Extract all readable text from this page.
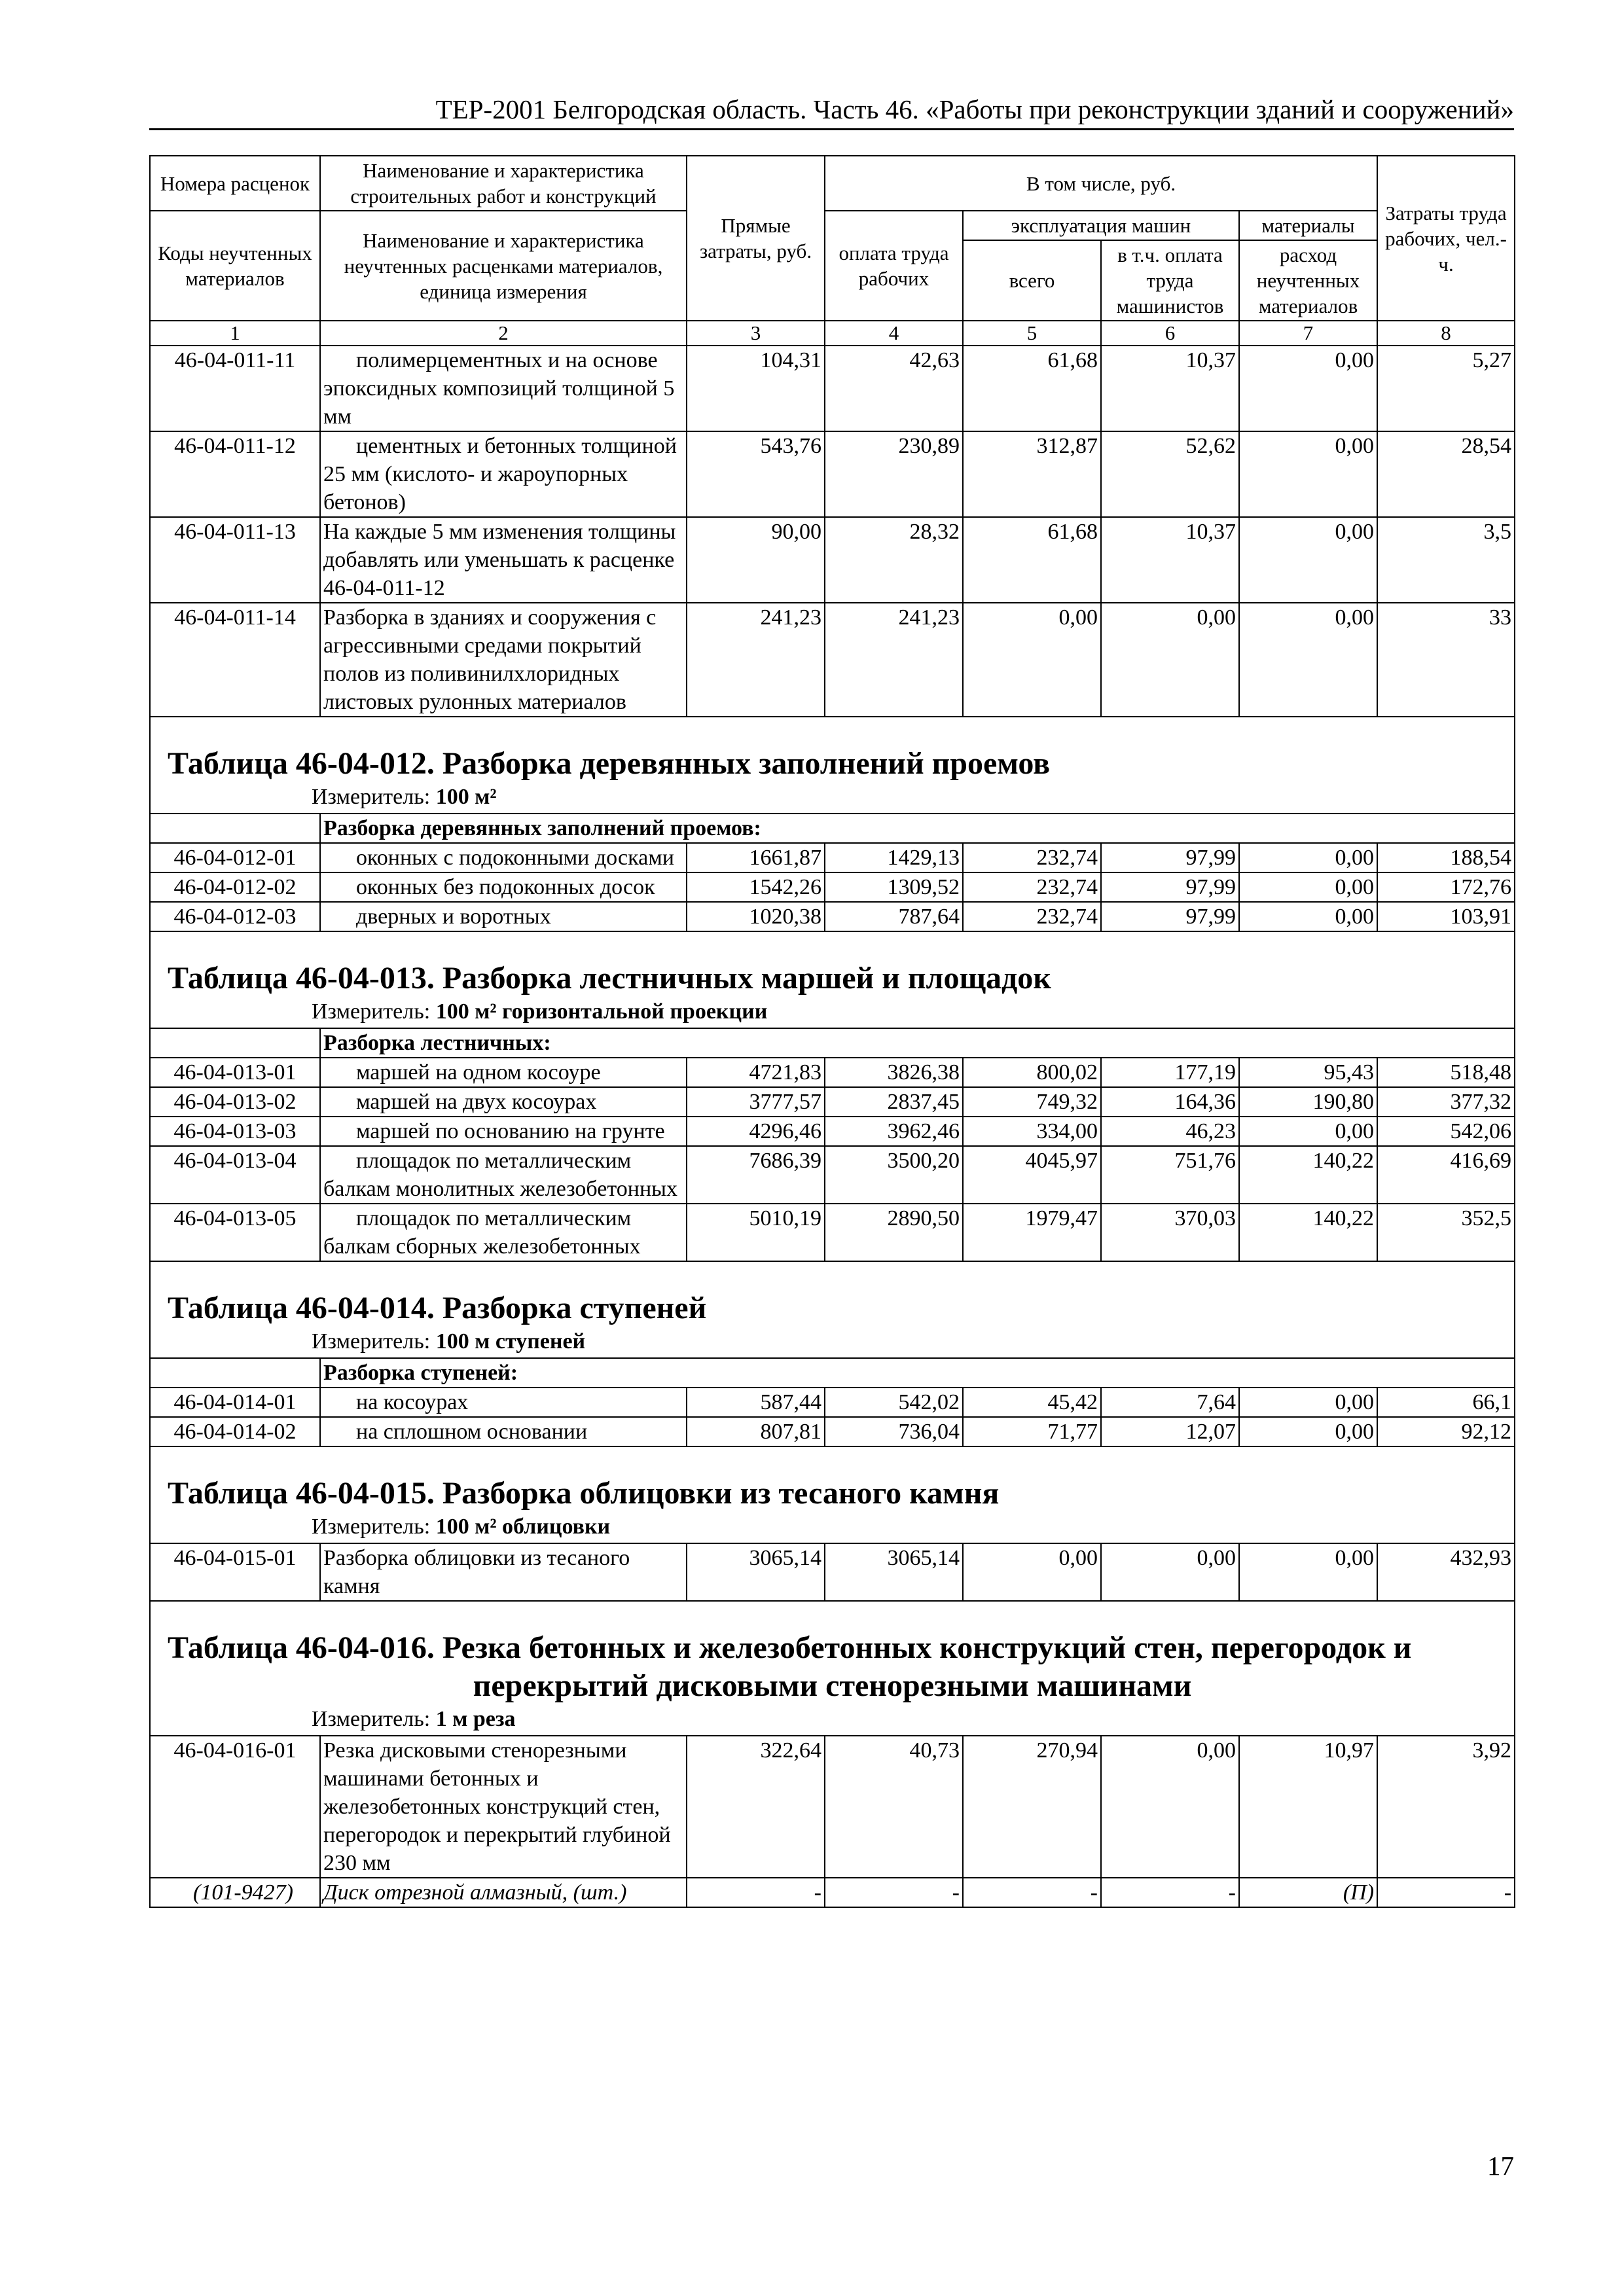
ТЕР-2001 Белгородская область. Часть 46. «Работы при реконструкции зданий и сооружений»
Номера расценок	Наименование и характеристика строительных работ и конструкций	Прямые затраты, руб.	В том числе, руб.				Затраты труда рабочих, чел.-ч.
Коды неучтенных материалов	Наименование и характеристика неучтенных расценками материалов, единица измерения		оплата труда рабочих	эксплуатация машин		материалы	
				всего	в т.ч. оплата труда машинистов	расход неучтенных материалов	
1	2	3	4	5	6	7	8
46-04-011-11	полимерцементных и на основе эпоксидных композиций толщиной 5 мм	104,31	42,63	61,68	10,37	0,00	5,27
46-04-011-12	цементных и бетонных толщиной 25 мм (кислото- и жароупорных бетонов)	543,76	230,89	312,87	52,62	0,00	28,54
46-04-011-13	На каждые 5 мм изменения толщины добавлять или уменьшать к расценке 46-04-011-12	90,00	28,32	61,68	10,37	0,00	3,5
46-04-011-14	Разборка в зданиях и сооружения с агрессивными средами покрытий полов из поливинилхлоридных листовых рулонных материалов	241,23	241,23	0,00	0,00	0,00	33

Таблица 46-04-012. Разборка деревянных заполнений проемов
Измеритель: 100 м²							

	Разборка деревянных заполнений проемов:						
46-04-012-01	оконных с подоконными досками	1661,87	1429,13	232,74	97,99	0,00	188,54
46-04-012-02	оконных без подоконных досок	1542,26	1309,52	232,74	97,99	0,00	172,76
46-04-012-03	дверных и воротных	1020,38	787,64	232,74	97,99	0,00	103,91

Таблица 46-04-013. Разборка лестничных маршей и площадок
Измеритель: 100 м² горизонтальной проекции							

	Разборка лестничных:						
46-04-013-01	маршей на одном косоуре	4721,83	3826,38	800,02	177,19	95,43	518,48
46-04-013-02	маршей на двух косоурах	3777,57	2837,45	749,32	164,36	190,80	377,32
46-04-013-03	маршей по основанию на грунте	4296,46	3962,46	334,00	46,23	0,00	542,06
46-04-013-04	площадок по металлическим балкам монолитных железобетонных	7686,39	3500,20	4045,97	751,76	140,22	416,69
46-04-013-05	площадок по металлическим балкам сборных железобетонных	5010,19	2890,50	1979,47	370,03	140,22	352,5

Таблица 46-04-014. Разборка ступеней
Измеритель: 100 м ступеней							

	Разборка ступеней:						
46-04-014-01	на косоурах	587,44	542,02	45,42	7,64	0,00	66,1
46-04-014-02	на сплошном основании	807,81	736,04	71,77	12,07	0,00	92,12

Таблица 46-04-015. Разборка облицовки из тесаного камня
Измеритель: 100 м² облицовки							

46-04-015-01	Разборка облицовки из тесаного камня	3065,14	3065,14	0,00	0,00	0,00	432,93

Таблица 46-04-016. Резка бетонных и железобетонных конструкций стен, перегородок и
перекрытий дисковыми стенорезными машинами
Измеритель: 1 м реза							

46-04-016-01	Резка дисковыми стенорезными машинами бетонных и железобетонных конструкций стен, перегородок и перекрытий глубиной 230 мм	322,64	40,73	270,94	0,00	10,97	3,92
(101-9427)	Диск отрезной алмазный, (шт.)	-	-	-	-	(П)	-
17
